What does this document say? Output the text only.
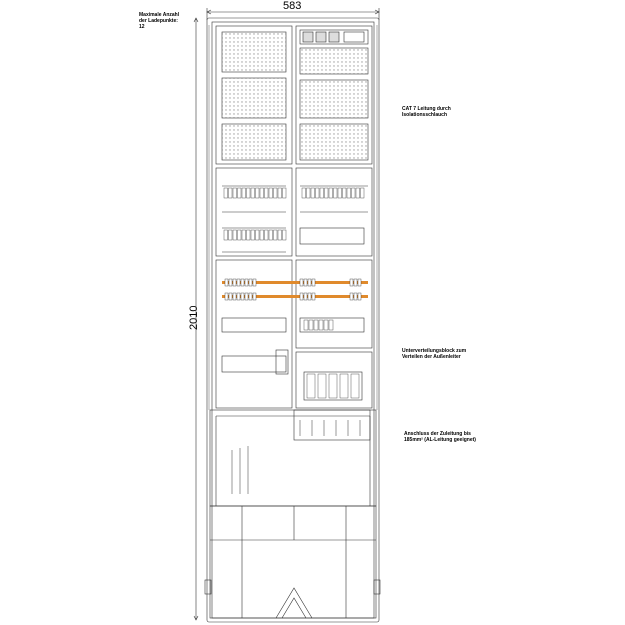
583
2010
Maximale Anzahl
der Ladepunkte:
12
CAT 7 Leitung durch
Isolationsschlauch
Unterverteilungsblock zum
Verteilen der Außenleiter
Anschluss der Zuleitung bis
185mm² (AL-Leitung geeignet)
